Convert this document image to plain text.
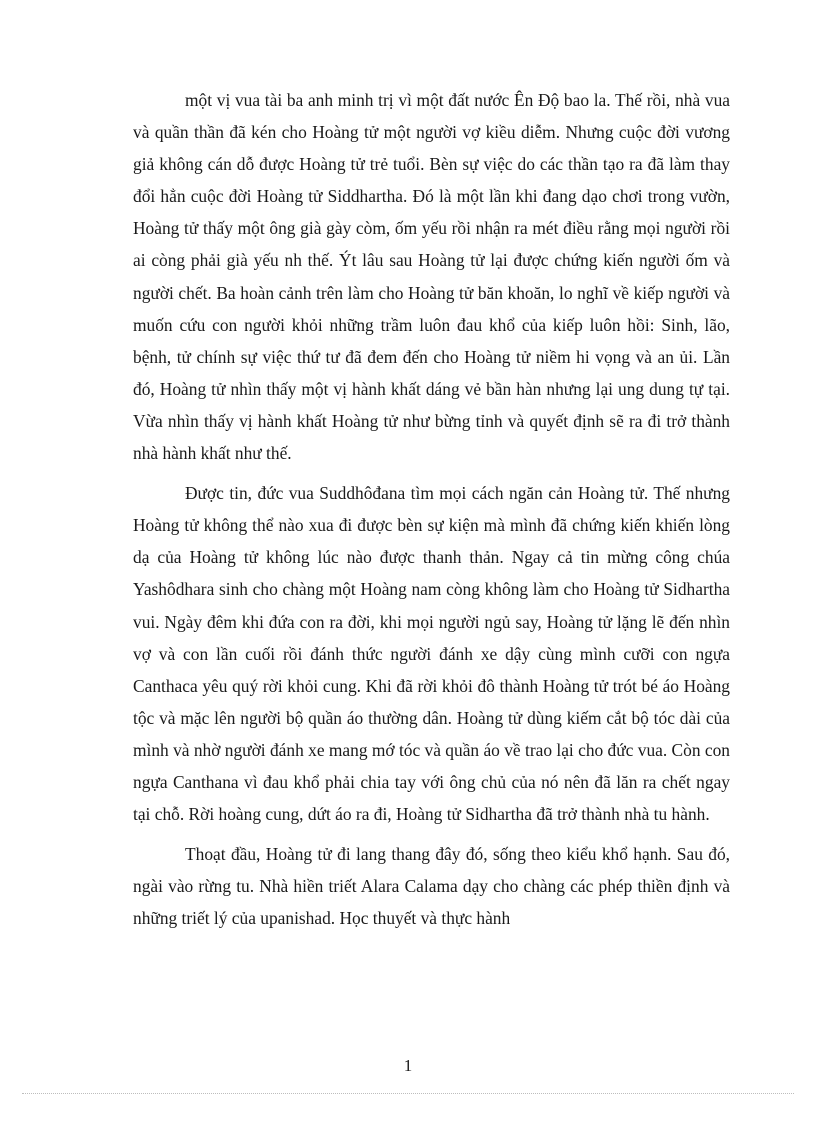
một vị vua tài ba anh minh trị vì một đất nước Ên Độ bao la. Thế rồi, nhà vua và quần thần đã kén cho Hoàng tử một người vợ kiều diễm. Nhưng cuộc đời vương giả không cán dỗ được Hoàng tử trẻ tuổi. Bèn sự việc do các thần tạo ra đã làm thay đổi hẳn cuộc đời Hoàng tử Siddhartha. Đó là một lần khi đang dạo chơi trong vườn, Hoàng tử thấy một ông già gày còm, ốm yếu rồi nhận ra mét điều rằng mọi người rồi ai còng phải già yếu nh thế. Ýt lâu sau Hoàng tử lại được chứng kiến người ốm và người chết. Ba hoàn cảnh trên làm cho Hoàng tử băn khoăn, lo nghĩ về kiếp người và muốn cứu con người khỏi những trầm luôn đau khổ của kiếp luôn hồi: Sinh, lão, bệnh, tử chính sự việc thứ tư đã đem đến cho Hoàng tử niềm hi vọng và an ủi. Lần đó, Hoàng tử nhìn thấy một vị hành khất dáng vẻ bần hàn nhưng lại ung dung tự tại. Vừa nhìn thấy vị hành khất Hoàng tử như bừng tỉnh và quyết định sẽ ra đi trở thành nhà hành khất như thế.

Được tin, đức vua Suddhôđana tìm mọi cách ngăn cản Hoàng tử. Thế nhưng Hoàng tử không thể nào xua đi được bèn sự kiện mà mình đã chứng kiến khiến lòng dạ của Hoàng tử không lúc nào được thanh thản. Ngay cả tin mừng công chúa Yashôdhara sinh cho chàng một Hoàng nam còng không làm cho Hoàng tử Sidhartha vui. Ngày đêm khi đứa con ra đời, khi mọi người ngủ say, Hoàng tử lặng lẽ đến nhìn vợ và con lần cuối rồi đánh thức người đánh xe dậy cùng mình cưỡi con ngựa Canthaca yêu quý rời khỏi cung. Khi đã rời khỏi đô thành Hoàng tử trót bé áo Hoàng tộc và mặc lên người bộ quần áo thường dân. Hoàng tử dùng kiếm cắt bộ tóc dài của mình và nhờ người đánh xe mang mớ tóc và quần áo về trao lại cho đức vua. Còn con ngựa Canthana vì đau khổ phải chia tay với ông chủ của nó nên đã lăn ra chết ngay tại chỗ. Rời hoàng cung, dứt áo ra đi, Hoàng tử Sidhartha đã trở thành nhà tu hành.

Thoạt đầu, Hoàng tử đi lang thang đây đó, sống theo kiểu khổ hạnh. Sau đó, ngài vào rừng tu. Nhà hiền triết Alara Calama dạy cho chàng các phép thiền định và những triết lý của upanishad. Học thuyết và thực hành

1
